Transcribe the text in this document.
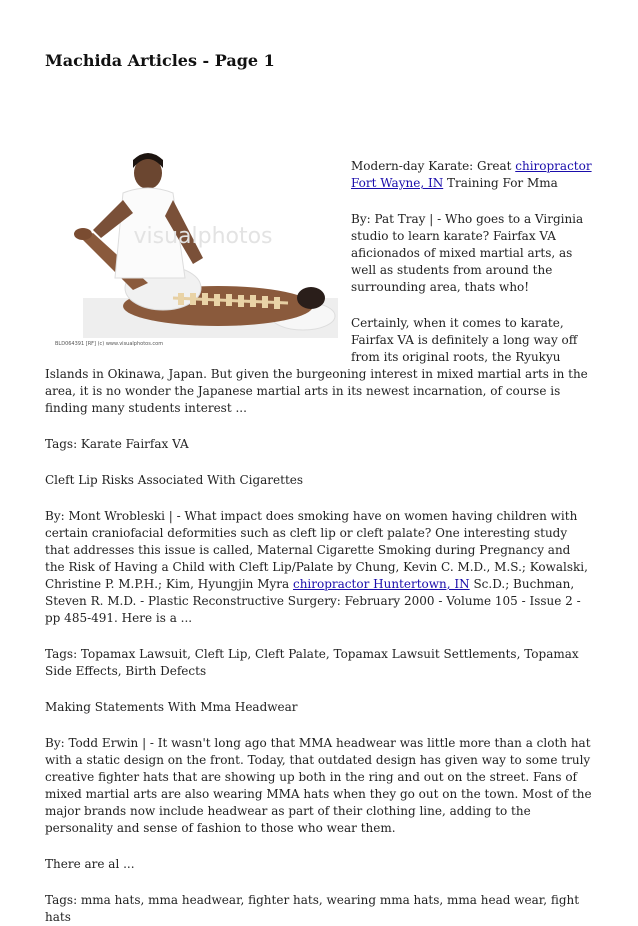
Machida Articles - Page 1
visualphotos
BLD064391 [RF] (c) www.visualphotos.com

Modern-day Karate: Great chiropractor Fort Wayne, IN Training For Mma

By: Pat Tray | - Who goes to a Virginia studio to learn karate? Fairfax VA aficionados of mixed martial arts, as well as students from around the surrounding area, thats who!

Certainly, when it comes to karate, Fairfax VA is definitely a long way off from its original roots, the Ryukyu Islands in Okinawa, Japan. But given the burgeoning interest in mixed martial arts in the area, it is no wonder the Japanese martial arts in its newest incarnation, of course is finding many students interest ...

Tags: Karate Fairfax VA

Cleft Lip Risks Associated With Cigarettes

By: Mont Wrobleski | - What impact does smoking have on women having children with certain craniofacial deformities such as cleft lip or cleft palate? One interesting study that addresses this issue is called, Maternal Cigarette Smoking during Pregnancy and the Risk of Having a Child with Cleft Lip/Palate by Chung, Kevin C. M.D., M.S.; Kowalski, Christine P. M.P.H.; Kim, Hyungjin Myra chiropractor Huntertown, IN Sc.D.; Buchman, Steven R. M.D. - Plastic Reconstructive Surgery: February 2000 - Volume 105 - Issue 2 - pp 485-491. Here is a ...

Tags: Topamax Lawsuit, Cleft Lip, Cleft Palate, Topamax Lawsuit Settlements, Topamax Side Effects, Birth Defects

Making Statements With Mma Headwear

By: Todd Erwin | - It wasn't long ago that MMA headwear was little more than a cloth hat with a static design on the front. Today, that outdated design has given way to some truly creative fighter hats that are showing up both in the ring and out on the street. Fans of mixed martial arts are also wearing MMA hats when they go out on the town. Most of the major brands now include headwear as part of their clothing line, adding to the personality and sense of fashion to those who wear them.

There are al ...

Tags: mma hats, mma headwear, fighter hats, wearing mma hats, mma head wear, fight hats
